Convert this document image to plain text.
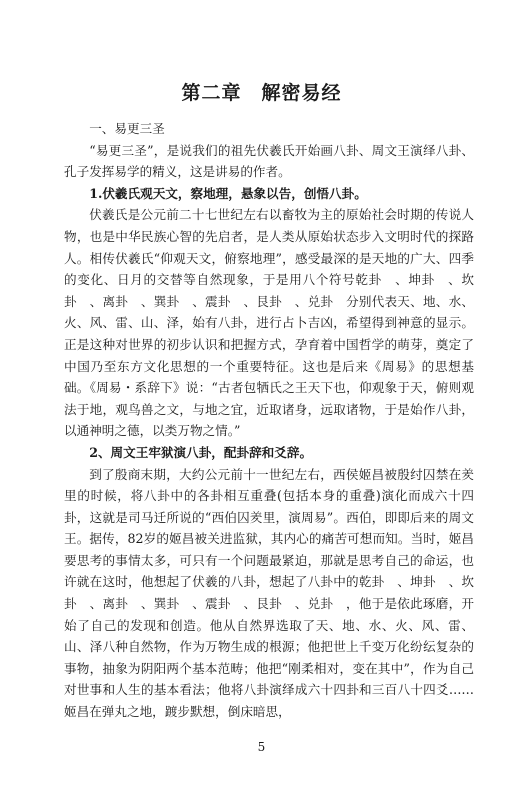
第二章　解密易经

一、易更三圣

“易更三圣”，是说我们的祖先伏羲氏开始画八卦、周文王演绎八卦、孔子发挥易学的精义，这是讲易的作者。

1.伏羲氏观天文，察地理，悬象以告，创悟八卦。

伏羲氏是公元前二十七世纪左右以畜牧为主的原始社会时期的传说人物，也是中华民族心智的先启者，是人类从原始状态步入文明时代的探路人。相传伏羲氏“仰观天文，俯察地理”，感受最深的是天地的广大、四季的变化、日月的交替等自然现象，于是用八个符号乾卦　、坤卦　、坎卦　、离卦　、巽卦　、震卦　、艮卦　、兑卦　分别代表天、地、水、火、风、雷、山、泽，始有八卦，进行占卜吉凶，希望得到神意的显示。正是这种对世界的初步认识和把握方式，孕育着中国哲学的萌芽，奠定了中国乃至东方文化思想的一个重要特征。这也是后来《周易》的思想基础。《周易・系辞下》说：“古者包牺氏之王天下也，仰观象于天，俯则观法于地，观鸟兽之文，与地之宜，近取诸身，远取诸物，于是始作八卦，以通神明之德，以类万物之情。”

2、周文王牢狱演八卦，配卦辞和爻辞。

到了殷商末期，大约公元前十一世纪左右，西侯姬昌被殷纣囚禁在羑里的时候，将八卦中的各卦相互重叠(包括本身的重叠)演化而成六十四卦，这就是司马迁所说的“西伯囚羑里，演周易”。西伯，即即后来的周文王。据传，82岁的姬昌被关进监狱，其内心的痛苦可想而知。当时，姬昌要思考的事情太多，可只有一个问题最紧迫，那就是思考自己的命运，也许就在这时，他想起了伏羲的八卦，想起了八卦中的乾卦　、坤卦　、坎卦　、离卦　、巽卦　、震卦　、艮卦　、兑卦　，他于是依此琢磨，开始了自己的发现和创造。他从自然界选取了天、地、水、火、风、雷、山、泽八种自然物，作为万物生成的根源；他把世上千变万化纷纭复杂的事物，抽象为阴阳两个基本范畴；他把“刚柔相对，变在其中”，作为自己对世事和人生的基本看法；他将八卦演绎成六十四卦和三百八十四爻……姬昌在弹丸之地，踱步默想，倒床暗思，

5
